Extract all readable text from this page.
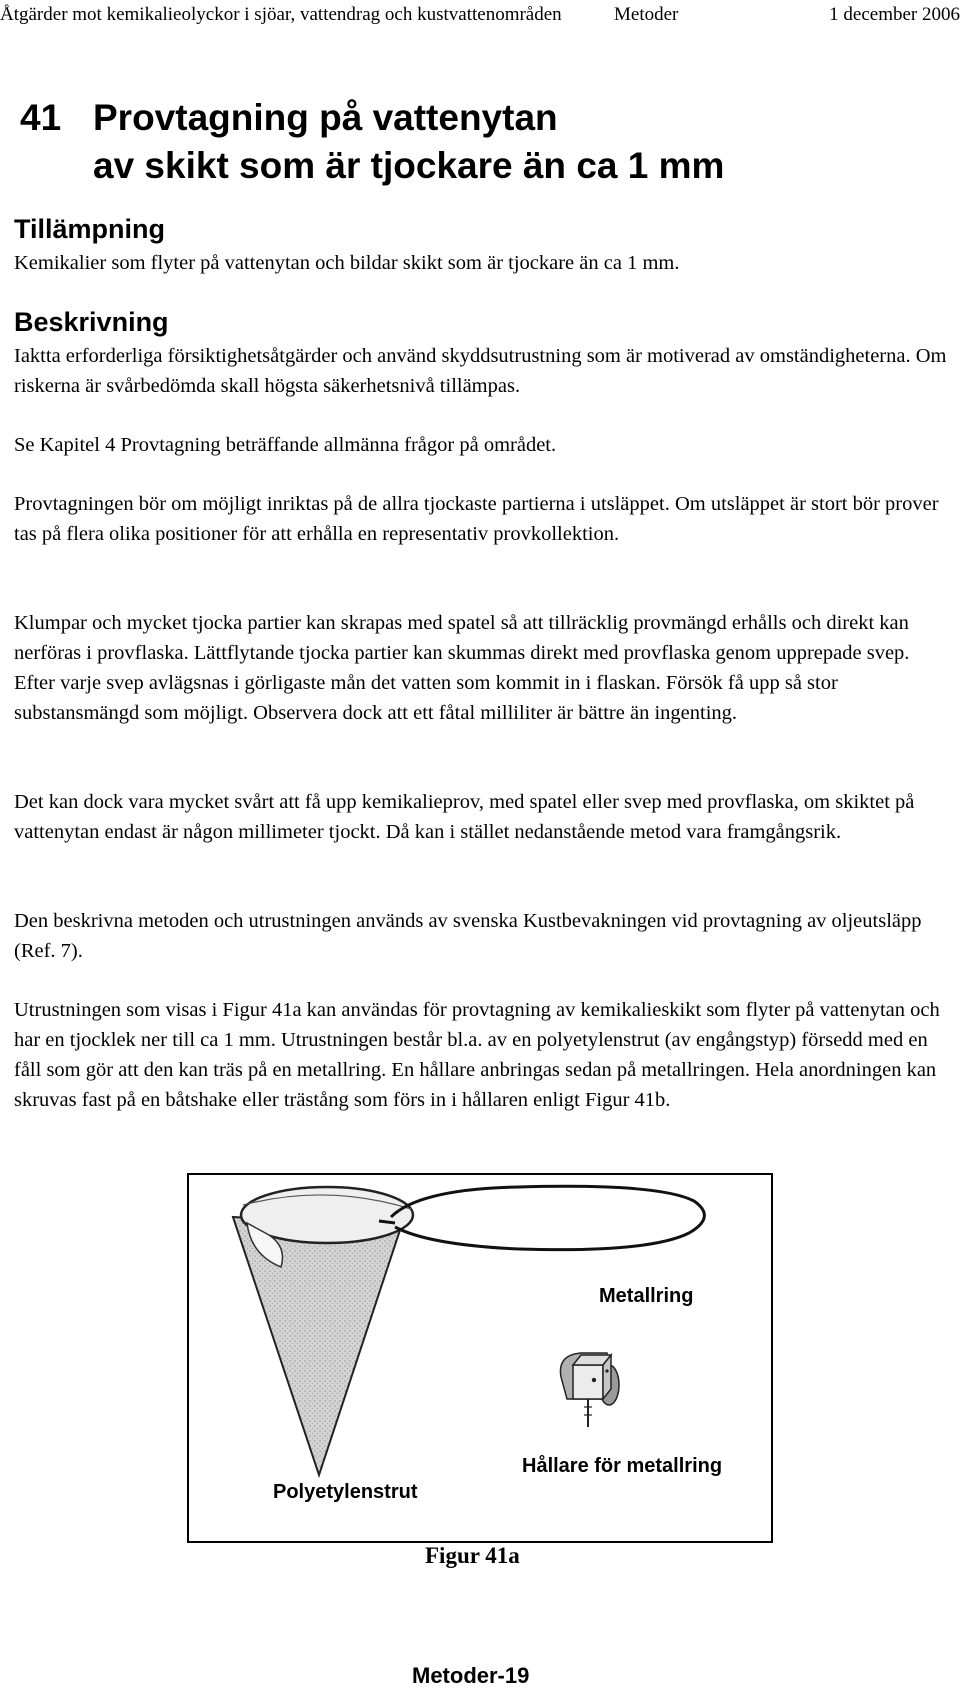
Åtgärder mot kemikalieolyckor i sjöar, vattendrag och kustvattenområden	Metoder	1 december 2006
41 Provtagning på vattenytan
av skikt som är tjockare än ca 1 mm
Tillämpning

Kemikalier som flyter på vattenytan och bildar skikt som är tjockare än ca 1 mm.

Beskrivning

Iaktta erforderliga försiktighetsåtgärder och använd skyddsutrustning som är motiverad av omständigheterna. Om riskerna är svårbedömda skall högsta säkerhetsnivå tillämpas.

Se Kapitel 4 Provtagning beträffande allmänna frågor på området.

Provtagningen bör om möjligt inriktas på de allra tjockaste partierna i utsläppet. Om utsläppet är stort bör prover tas på flera olika positioner för att erhålla en representativ provkollektion.

Klumpar och mycket tjocka partier kan skrapas med spatel så att tillräcklig provmängd erhålls och direkt kan nerföras i provflaska. Lättflytande tjocka partier kan skummas direkt med provflaska genom upprepade svep. Efter varje svep avlägsnas i görligaste mån det vatten som kommit in i flaskan. Försök få upp så stor substansmängd som möjligt. Observera dock att ett fåtal milliliter är bättre än ingenting.

Det kan dock vara mycket svårt att få upp kemikalieprov, med spatel eller svep med provflaska, om skiktet på vattenytan endast är någon millimeter tjockt. Då kan i stället nedanstående metod vara framgångsrik.

Den beskrivna metoden och utrustningen används av svenska Kustbevakningen vid provtagning av oljeutsläpp (Ref. 7).

Utrustningen som visas i Figur 41a kan användas för provtagning av kemikalieskikt som flyter på vattenytan och har en tjocklek ner till ca 1 mm. Utrustningen består bl.a. av en polyetylenstrut (av engångstyp) försedd med en fåll som gör att den kan träs på en metallring. En hållare anbringas sedan på metallringen. Hela anordningen kan skruvas fast på en båtshake eller trästång som förs in i hållaren enligt Figur 41b.

Metallring
Hållare för metallring
Polyetylenstrut
Figur 41a
Metoder-19
